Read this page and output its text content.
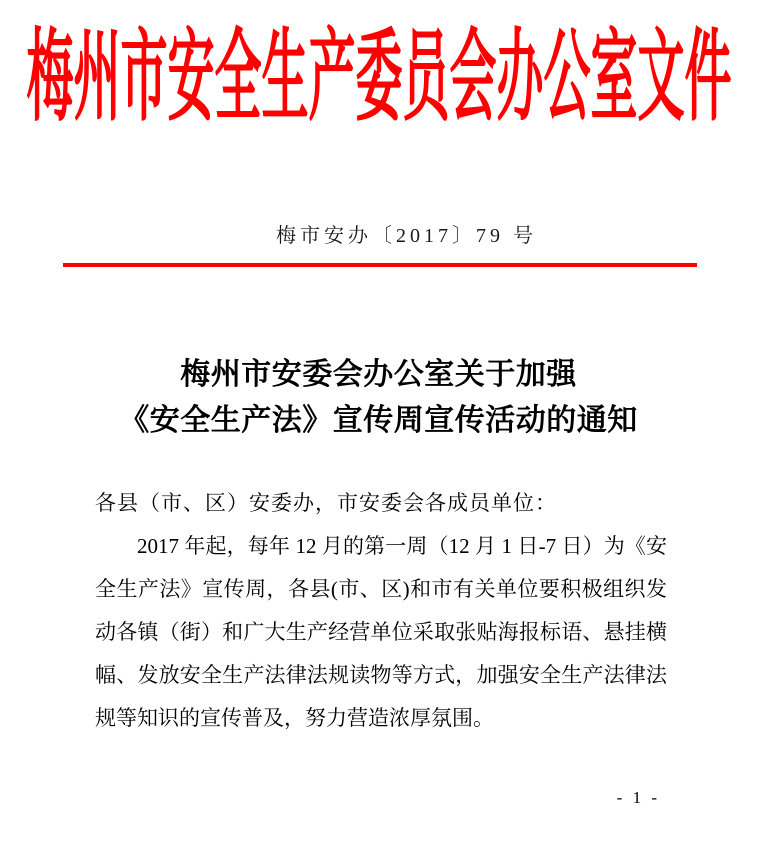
梅州市安全生产委员会办公室文件
梅市安办〔2017〕79 号
梅州市安委会办公室关于加强
《安全生产法》宣传周宣传活动的通知
各县（市、区）安委办，市安委会各成员单位：

2017 年起，每年 12 月的第一周（12 月 1 日-7 日）为《安全生产法》宣传周，各县(市、区)和市有关单位要积极组织发动各镇（街）和广大生产经营单位采取张贴海报标语、悬挂横幅、发放安全生产法律法规读物等方式，加强安全生产法律法规等知识的宣传普及，努力营造浓厚氛围。

- 1 -
